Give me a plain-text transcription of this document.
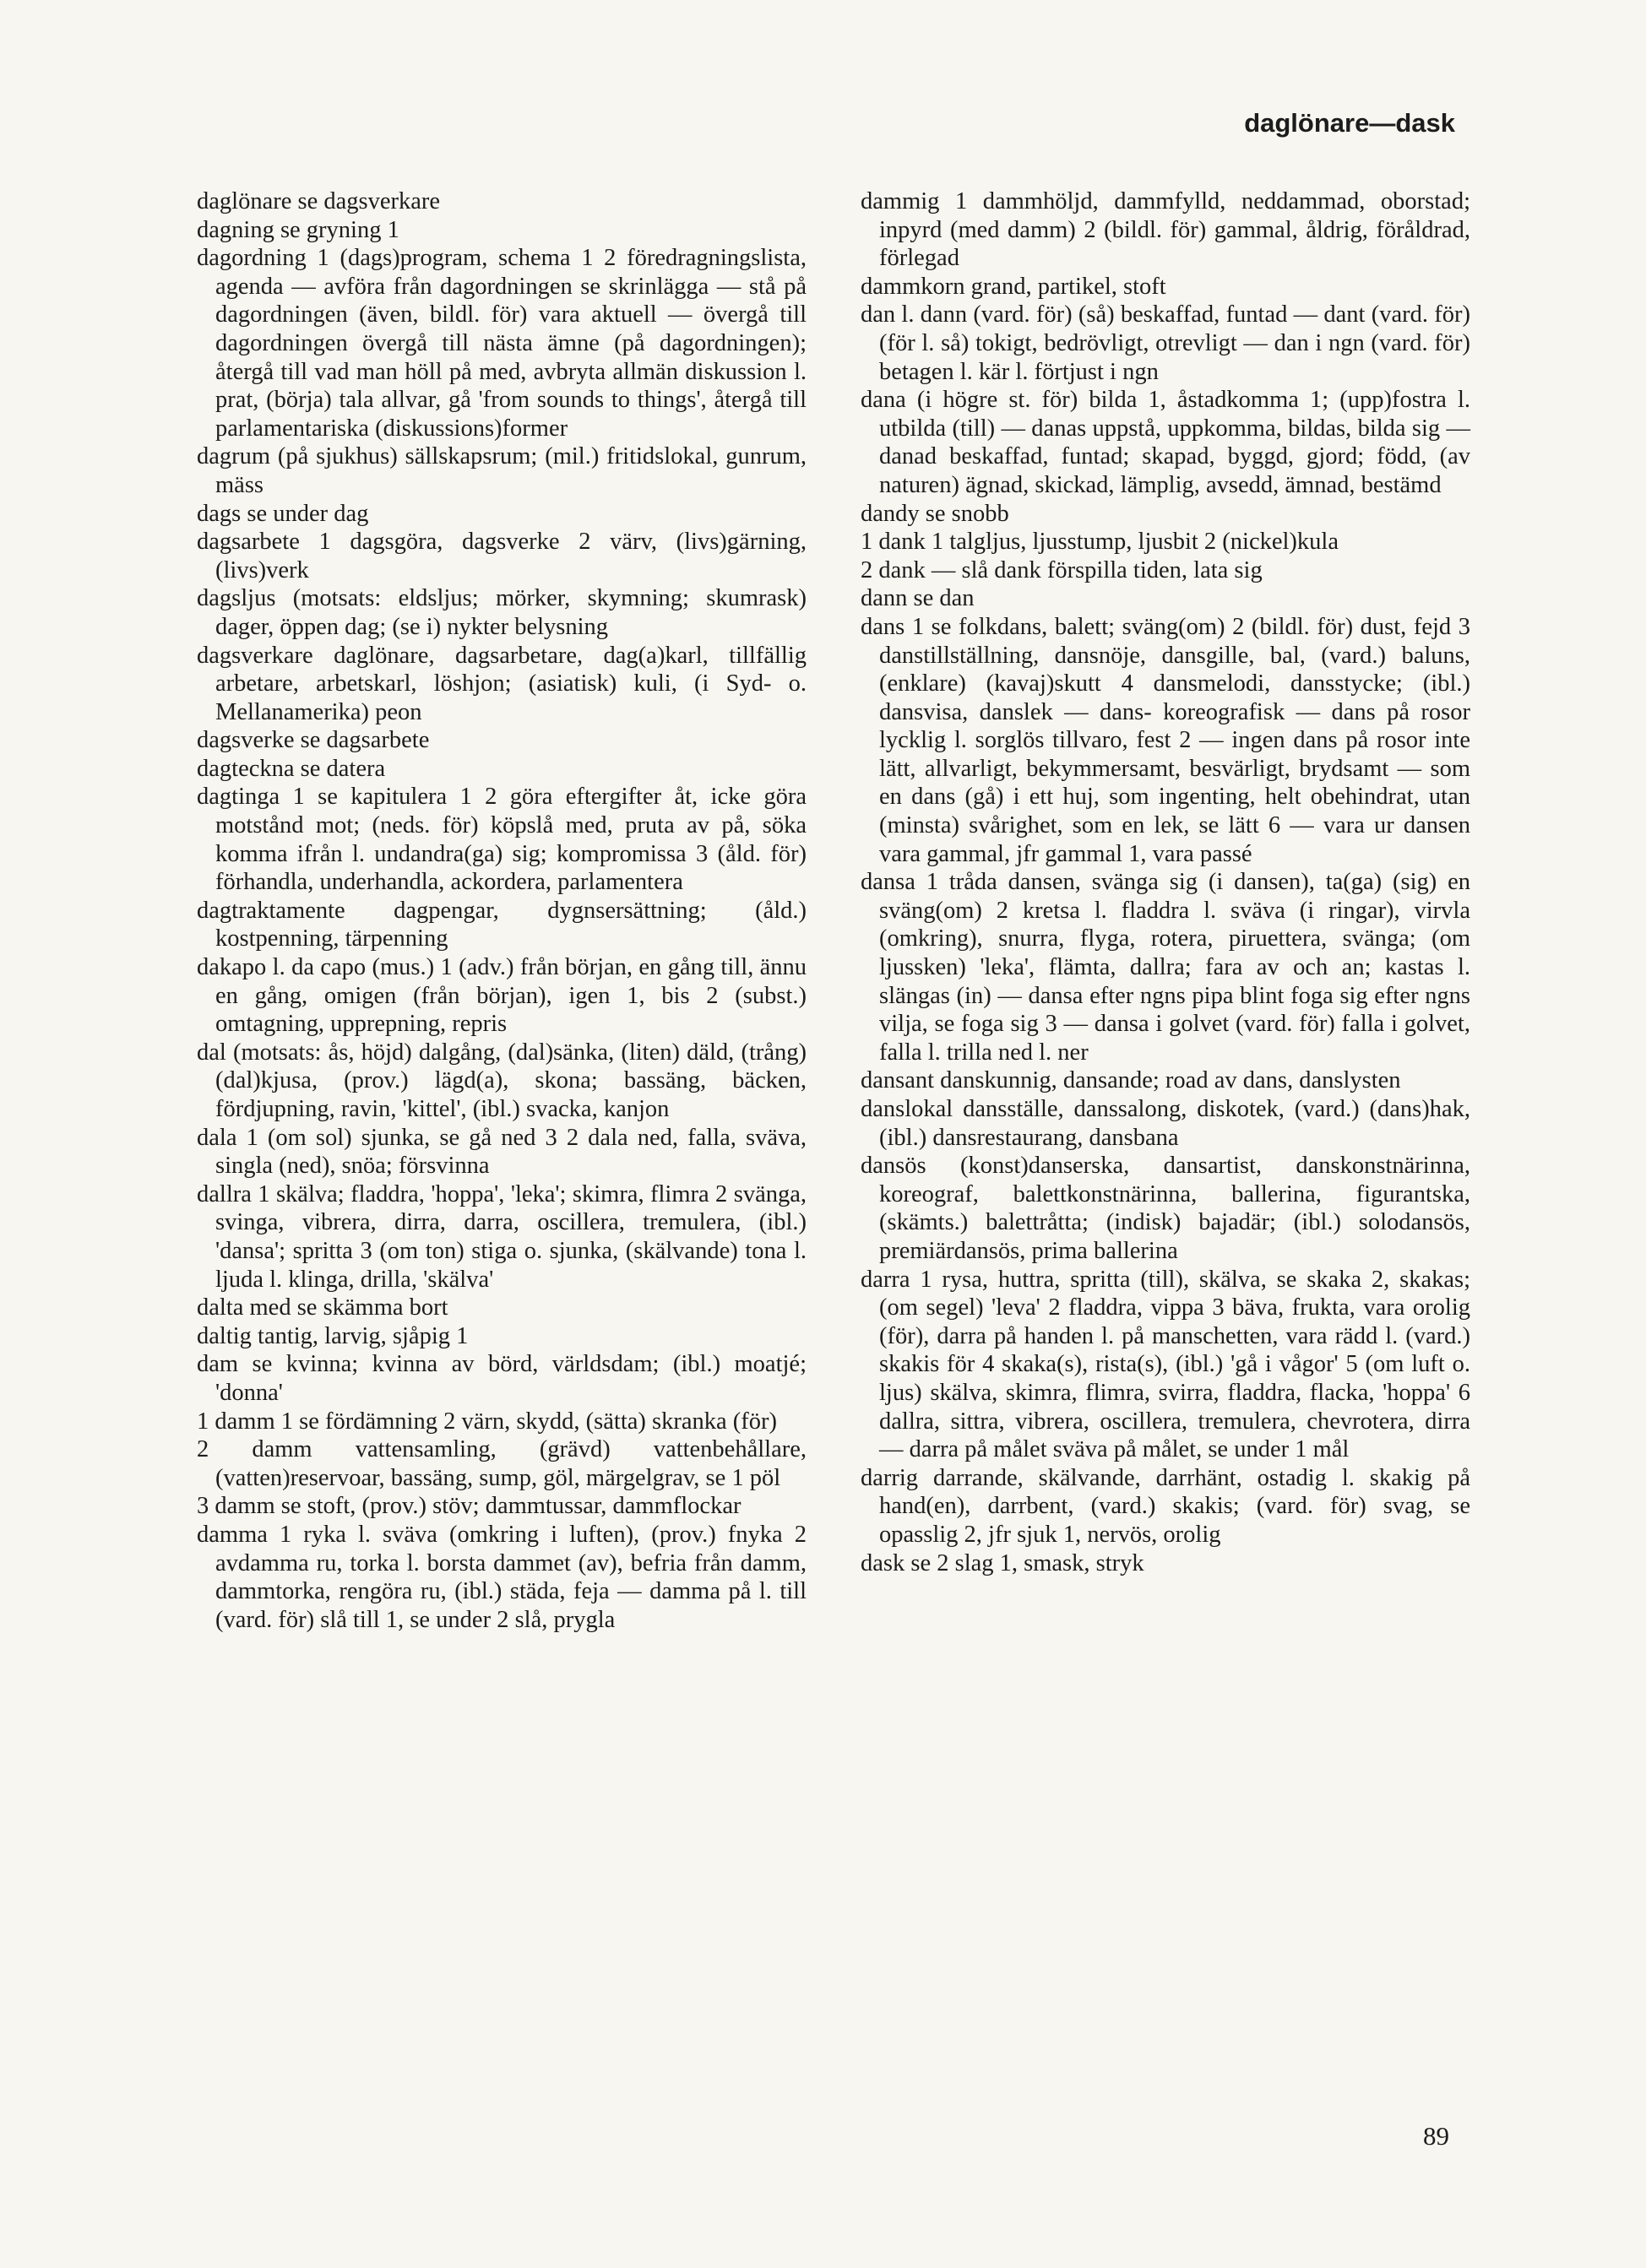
daglönare—dask

daglönare se dagsverkare

dagning se gryning 1

dagordning 1 (dags)program, schema 1 2 föredragningslista, agenda — avföra från dagordningen se skrinlägga — stå på dagordningen (även, bildl. för) vara aktuell — övergå till dagordningen övergå till nästa ämne (på dagordningen); återgå till vad man höll på med, avbryta allmän diskussion l. prat, (börja) tala allvar, gå 'from sounds to things', återgå till parlamentariska (diskussions)former

dagrum (på sjukhus) sällskapsrum; (mil.) fritidslokal, gunrum, mäss

dags se under dag

dagsarbete 1 dagsgöra, dagsverke 2 värv, (livs)gärning, (livs)verk

dagsljus (motsats: eldsljus; mörker, skymning; skumrask) dager, öppen dag; (se i) nykter belysning

dagsverkare daglönare, dagsarbetare, dag(a)karl, tillfällig arbetare, arbetskarl, löshjon; (asiatisk) kuli, (i Syd- o. Mellanamerika) peon

dagsverke se dagsarbete

dagteckna se datera

dagtinga 1 se kapitulera 1 2 göra eftergifter åt, icke göra motstånd mot; (neds. för) köpslå med, pruta av på, söka komma ifrån l. undandra(ga) sig; kompromissa 3 (åld. för) förhandla, underhandla, ackordera, parlamentera

dagtraktamente dagpengar, dygnsersättning; (åld.) kostpenning, tärpenning

dakapo l. da capo (mus.) 1 (adv.) från början, en gång till, ännu en gång, omigen (från början), igen 1, bis 2 (subst.) omtagning, upprepning, repris

dal (motsats: ås, höjd) dalgång, (dal)sänka, (liten) däld, (trång) (dal)kjusa, (prov.) lägd(a), skona; bassäng, bäcken, fördjupning, ravin, 'kittel', (ibl.) svacka, kanjon

dala 1 (om sol) sjunka, se gå ned 3 2 dala ned, falla, sväva, singla (ned), snöa; försvinna

dallra 1 skälva; fladdra, 'hoppa', 'leka'; skimra, flimra 2 svänga, svinga, vibrera, dirra, darra, oscillera, tremulera, (ibl.) 'dansa'; spritta 3 (om ton) stiga o. sjunka, (skälvande) tona l. ljuda l. klinga, drilla, 'skälva'

dalta med se skämma bort

daltig tantig, larvig, sjåpig 1

dam se kvinna; kvinna av börd, världsdam; (ibl.) moatjé; 'donna'

1 damm 1 se fördämning 2 värn, skydd, (sätta) skranka (för)

2 damm vattensamling, (grävd) vattenbehållare, (vatten)reservoar, bassäng, sump, göl, märgelgrav, se 1 pöl

3 damm se stoft, (prov.) stöv; dammtussar, dammflockar

damma 1 ryka l. sväva (omkring i luften), (prov.) fnyka 2 avdamma ru, torka l. borsta dammet (av), befria från damm, dammtorka, rengöra ru, (ibl.) städa, feja — damma på l. till (vard. för) slå till 1, se under 2 slå, prygla

dammig 1 dammhöljd, dammfylld, neddammad, oborstad; inpyrd (med damm) 2 (bildl. för) gammal, åldrig, föråldrad, förlegad

dammkorn grand, partikel, stoft

dan l. dann (vard. för) (så) beskaffad, funtad — dant (vard. för) (för l. så) tokigt, bedrövligt, otrevligt — dan i ngn (vard. för) betagen l. kär l. förtjust i ngn

dana (i högre st. för) bilda 1, åstadkomma 1; (upp)fostra l. utbilda (till) — danas uppstå, uppkomma, bildas, bilda sig — danad beskaffad, funtad; skapad, byggd, gjord; född, (av naturen) ägnad, skickad, lämplig, avsedd, ämnad, bestämd

dandy se snobb

1 dank 1 talgljus, ljusstump, ljusbit 2 (nickel)kula

2 dank — slå dank förspilla tiden, lata sig

dann se dan

dans 1 se folkdans, balett; sväng(om) 2 (bildl. för) dust, fejd 3 danstillställning, dansnöje, dansgille, bal, (vard.) baluns, (enklare) (kavaj)skutt 4 dansmelodi, dansstycke; (ibl.) dansvisa, danslek — dans- koreografisk — dans på rosor lycklig l. sorglös tillvaro, fest 2 — ingen dans på rosor inte lätt, allvarligt, bekymmersamt, besvärligt, brydsamt — som en dans (gå) i ett huj, som ingenting, helt obehindrat, utan (minsta) svårighet, som en lek, se lätt 6 — vara ur dansen vara gammal, jfr gammal 1, vara passé

dansa 1 tråda dansen, svänga sig (i dansen), ta(ga) (sig) en sväng(om) 2 kretsa l. fladdra l. sväva (i ringar), virvla (omkring), snurra, flyga, rotera, piruettera, svänga; (om ljussken) 'leka', flämta, dallra; fara av och an; kastas l. slängas (in) — dansa efter ngns pipa blint foga sig efter ngns vilja, se foga sig 3 — dansa i golvet (vard. för) falla i golvet, falla l. trilla ned l. ner

dansant danskunnig, dansande; road av dans, danslysten

danslokal dansställe, danssalong, diskotek, (vard.) (dans)hak, (ibl.) dansrestaurang, dansbana

dansös (konst)danserska, dansartist, danskonstnärinna, koreograf, balettkonstnärinna, ballerina, figurantska, (skämts.) balettråtta; (indisk) bajadär; (ibl.) solodansös, premiärdansös, prima ballerina

darra 1 rysa, huttra, spritta (till), skälva, se skaka 2, skakas; (om segel) 'leva' 2 fladdra, vippa 3 bäva, frukta, vara orolig (för), darra på handen l. på manschetten, vara rädd l. (vard.) skakis för 4 skaka(s), rista(s), (ibl.) 'gå i vågor' 5 (om luft o. ljus) skälva, skimra, flimra, svirra, fladdra, flacka, 'hoppa' 6 dallra, sittra, vibrera, oscillera, tremulera, chevrotera, dirra — darra på målet sväva på målet, se under 1 mål

darrig darrande, skälvande, darrhänt, ostadig l. skakig på hand(en), darrbent, (vard.) skakis; (vard. för) svag, se opasslig 2, jfr sjuk 1, nervös, orolig

dask se 2 slag 1, smask, stryk

89
